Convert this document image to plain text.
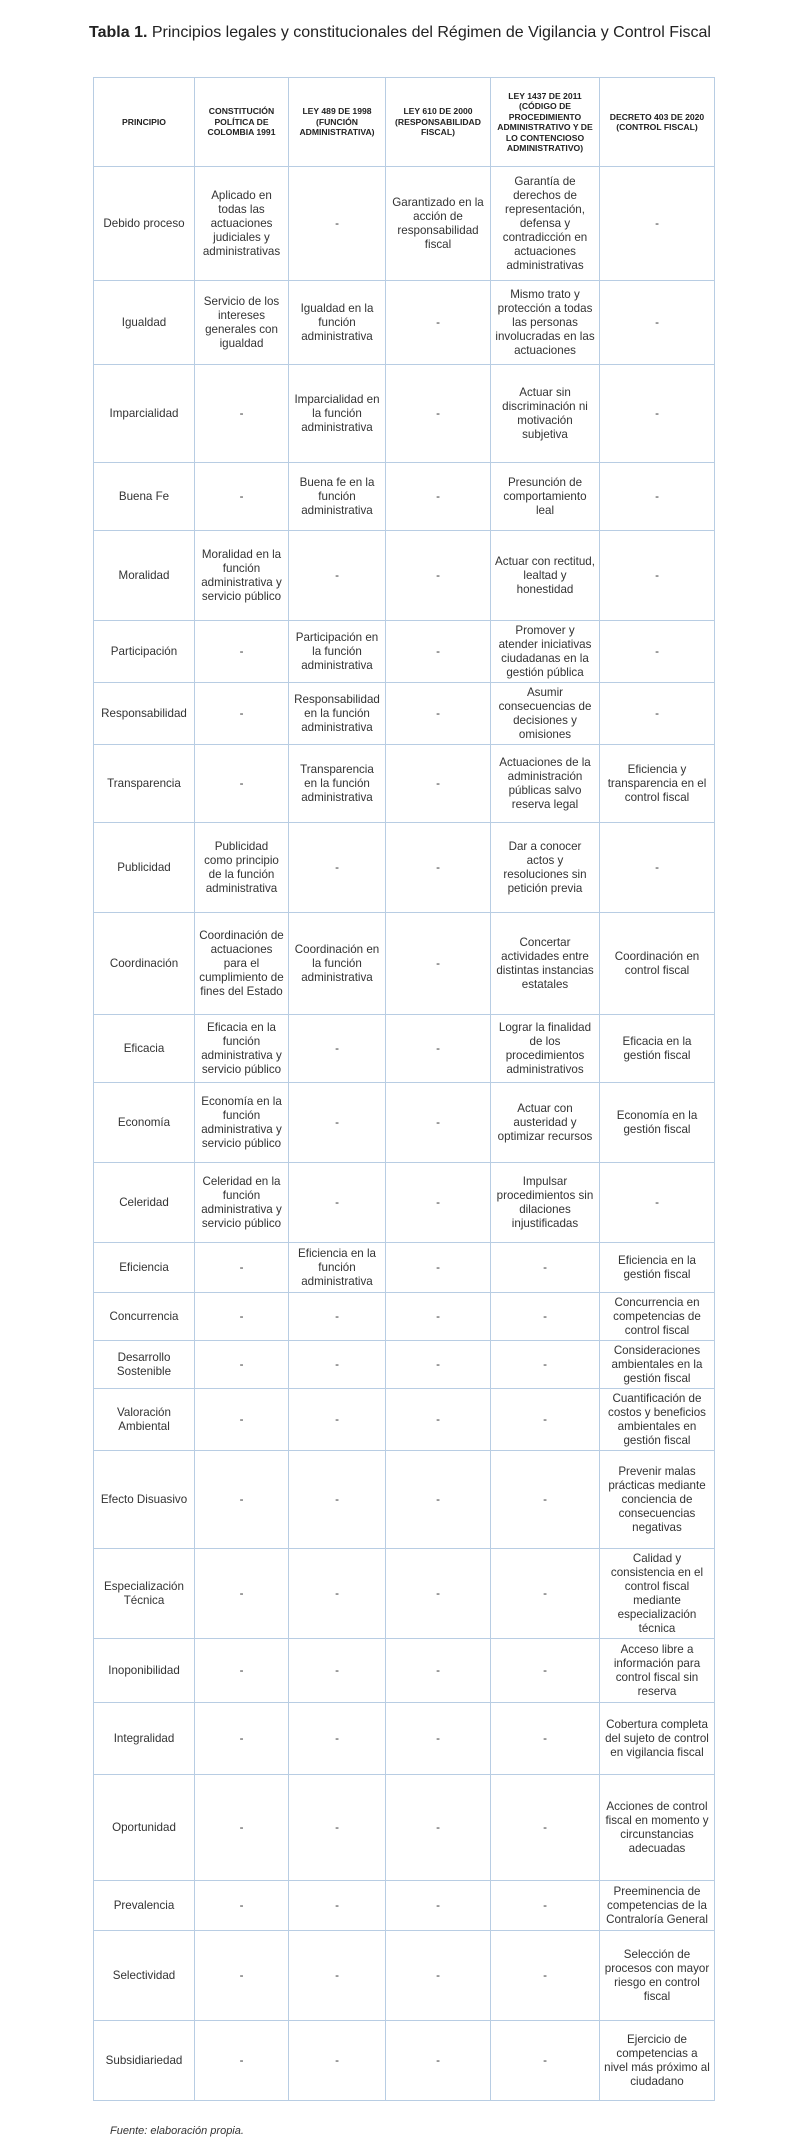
Tabla 1. Principios legales y constitucionales del Régimen de Vigilancia y Control Fiscal
PRINCIPIO	CONSTITUCIÓN POLÍTICA DE COLOMBIA 1991	LEY 489 DE 1998 (FUNCIÓN ADMINISTRATIVA)	LEY 610 DE 2000 (RESPONSABILIDAD FISCAL)	LEY 1437 DE 2011 (CÓDIGO DE PROCEDIMIENTO ADMINISTRATIVO Y DE LO CONTENCIOSO ADMINISTRATIVO)	DECRETO 403 DE 2020 (CONTROL FISCAL)
Debido proceso	Aplicado en todas las actuaciones judiciales y administrativas	-	Garantizado en la acción de responsabilidad fiscal	Garantía de derechos de representación, defensa y contradicción en actuaciones administrativas	-
Igualdad	Servicio de los intereses generales con igualdad	Igualdad en la función administrativa	-	Mismo trato y protección a todas las personas involucradas en las actuaciones	-
Imparcialidad	-	Imparcialidad en la función administrativa	-	Actuar sin discriminación ni motivación subjetiva	-
Buena Fe	-	Buena fe en la función administrativa	-	Presunción de comportamiento leal	-
Moralidad	Moralidad en la función administrativa y servicio público	-	-	Actuar con rectitud, lealtad y honestidad	-
Participación	-	Participación en la función administrativa	-	Promover y atender iniciativas ciudadanas en la gestión pública	-
Responsabilidad	-	Responsabilidad en la función administrativa	-	Asumir consecuencias de decisiones y omisiones	-
Transparencia	-	Transparencia en la función administrativa	-	Actuaciones de la administración públicas salvo reserva legal	Eficiencia y transparencia en el control fiscal
Publicidad	Publicidad como principio de la función administrativa	-	-	Dar a conocer actos y resoluciones sin petición previa	-
Coordinación	Coordinación de actuaciones para el cumplimiento de fines del Estado	Coordinación en la función administrativa	-	Concertar actividades entre distintas instancias estatales	Coordinación en control fiscal
Eficacia	Eficacia en la función administrativa y servicio público	-	-	Lograr la finalidad de los procedimientos administrativos	Eficacia en la gestión fiscal
Economía	Economía en la función administrativa y servicio público	-	-	Actuar con austeridad y optimizar recursos	Economía en la gestión fiscal
Celeridad	Celeridad en la función administrativa y servicio público	-	-	Impulsar procedimientos sin dilaciones injustificadas	-
Eficiencia	-	Eficiencia en la función administrativa	-	-	Eficiencia en la gestión fiscal
Concurrencia	-	-	-	-	Concurrencia en competencias de control fiscal
Desarrollo Sostenible	-	-	-	-	Consideraciones ambientales en la gestión fiscal
Valoración Ambiental	-	-	-	-	Cuantificación de costos y beneficios ambientales en gestión fiscal
Efecto Disuasivo	-	-	-	-	Prevenir malas prácticas mediante conciencia de consecuencias negativas
Especialización Técnica	-	-	-	-	Calidad y consistencia en el control fiscal mediante especialización técnica
Inoponibilidad	-	-	-	-	Acceso libre a información para control fiscal sin reserva
Integralidad	-	-	-	-	Cobertura completa del sujeto de control en vigilancia fiscal
Oportunidad	-	-	-	-	Acciones de control fiscal en momento y circunstancias adecuadas
Prevalencia	-	-	-	-	Preeminencia de competencias de la Contraloría General
Selectividad	-	-	-	-	Selección de procesos con mayor riesgo en control fiscal
Subsidiariedad	-	-	-	-	Ejercicio de competencias a nivel más próximo al ciudadano
Fuente: elaboración propia.
